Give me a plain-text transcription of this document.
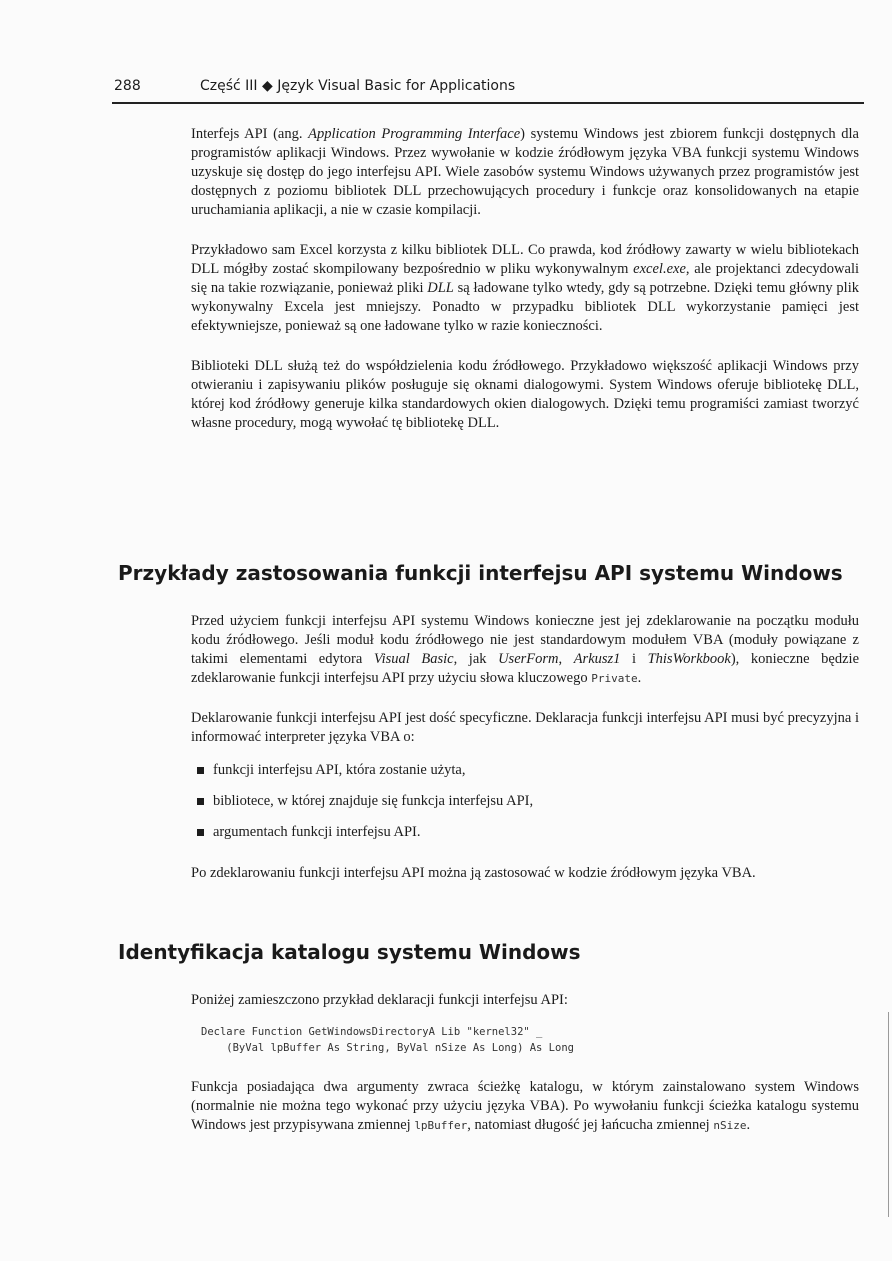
288	Część III ◆ Język Visual Basic for Applications

Interfejs API (ang. Application Programming Interface) systemu Windows jest zbiorem funkcji dostępnych dla programistów aplikacji Windows. Przez wywołanie w kodzie źródłowym języka VBA funkcji systemu Windows uzyskuje się dostęp do jego interfejsu API. Wiele zasobów systemu Windows używanych przez programistów jest dostępnych z poziomu bibliotek DLL przechowujących procedury i funkcje oraz konsolidowanych na etapie uruchamiania aplikacji, a nie w czasie kompilacji.

Przykładowo sam Excel korzysta z kilku bibliotek DLL. Co prawda, kod źródłowy zawarty w wielu bibliotekach DLL mógłby zostać skompilowany bezpośrednio w pliku wykonywalnym excel.exe, ale projektanci zdecydowali się na takie rozwiązanie, ponieważ pliki DLL są ładowane tylko wtedy, gdy są potrzebne. Dzięki temu główny plik wykonywalny Excela jest mniejszy. Ponadto w przypadku bibliotek DLL wykorzystanie pamięci jest efektywniejsze, ponieważ są one ładowane tylko w razie konieczności.

Biblioteki DLL służą też do współdzielenia kodu źródłowego. Przykładowo większość aplikacji Windows przy otwieraniu i zapisywaniu plików posługuje się oknami dialogowymi. System Windows oferuje bibliotekę DLL, której kod źródłowy generuje kilka standardowych okien dialogowych. Dzięki temu programiści zamiast tworzyć własne procedury, mogą wywołać tę bibliotekę DLL.

Przykłady zastosowania funkcji interfejsu API systemu Windows

Przed użyciem funkcji interfejsu API systemu Windows konieczne jest jej zdeklarowanie na początku modułu kodu źródłowego. Jeśli moduł kodu źródłowego nie jest standardowym modułem VBA (moduły powiązane z takimi elementami edytora Visual Basic, jak UserForm, Arkusz1 i ThisWorkbook), konieczne będzie zdeklarowanie funkcji interfejsu API przy użyciu słowa kluczowego Private.

Deklarowanie funkcji interfejsu API jest dość specyficzne. Deklaracja funkcji interfejsu API musi być precyzyjna i informować interpreter języka VBA o:

funkcji interfejsu API, która zostanie użyta,
bibliotece, w której znajduje się funkcja interfejsu API,
argumentach funkcji interfejsu API.

Po zdeklarowaniu funkcji interfejsu API można ją zastosować w kodzie źródłowym języka VBA.

Identyfikacja katalogu systemu Windows

Poniżej zamieszczono przykład deklaracji funkcji interfejsu API:

Declare Function GetWindowsDirectoryA Lib "kernel32" _
(ByVal lpBuffer As String, ByVal nSize As Long) As Long

Funkcja posiadająca dwa argumenty zwraca ścieżkę katalogu, w którym zainstalowano system Windows (normalnie nie można tego wykonać przy użyciu języka VBA). Po wywołaniu funkcji ścieżka katalogu systemu Windows jest przypisywana zmiennej lpBuffer, natomiast długość jej łańcucha zmiennej nSize.
